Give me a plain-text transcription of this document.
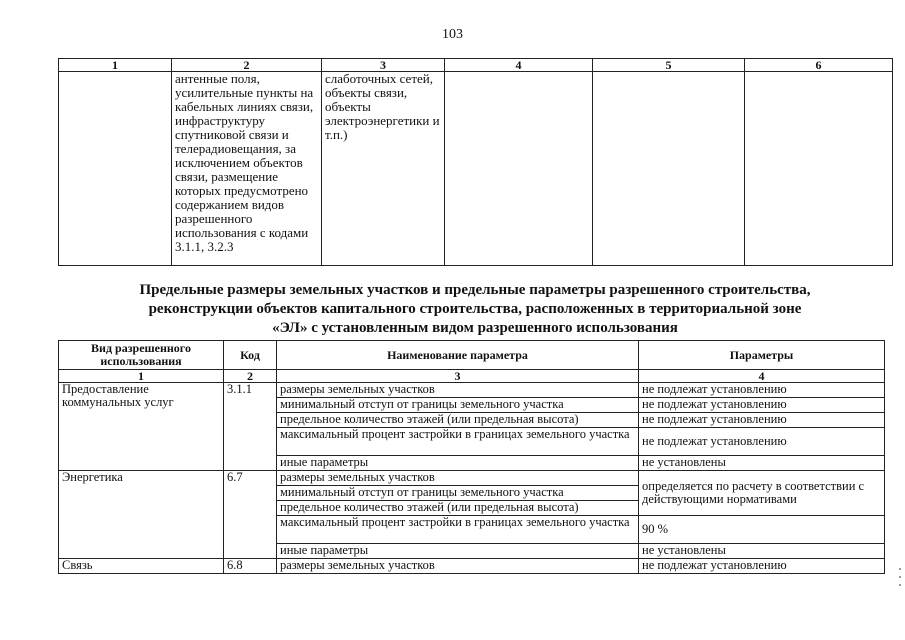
103
1	2	3	4	5	6
	антенные поля, усилительные пункты на кабельных линиях связи, инфраструктуру спутниковой связи и телерадиовещания, за исключением объектов связи, размещение которых предусмотрено содержанием видов разрешенного использования с кодами 3.1.1, 3.2.3	слаботочных сетей, объекты связи, объекты электроэнергетики и т.п.)			
Предельные размеры земельных участков и предельные параметры разрешенного строительства,
реконструкции объектов капитального строительства, расположенных в территориальной зоне
«ЭЛ» с установленным видом разрешенного использования
Вид разрешенного использования	Код	Наименование параметра	Параметры
1	2	3	4
Предоставление коммунальных услуг	3.1.1	размеры земельных участков	не подлежат установлению
		минимальный отступ от границы земельного участка	не подлежат установлению
		предельное количество этажей (или предельная высота)	не подлежат установлению
		максимальный процент застройки в границах земельного участка	не подлежат установлению
		иные параметры	не установлены
Энергетика	6.7	размеры земельных участков	определяется по расчету в соответствии с действующими нормативами
		минимальный отступ от границы земельного участка	
		предельное количество этажей (или предельная высота)	
		максимальный процент застройки в границах земельного участка	90 %
		иные параметры	не установлены
Связь	6.8	размеры земельных участков	не подлежат установлению
